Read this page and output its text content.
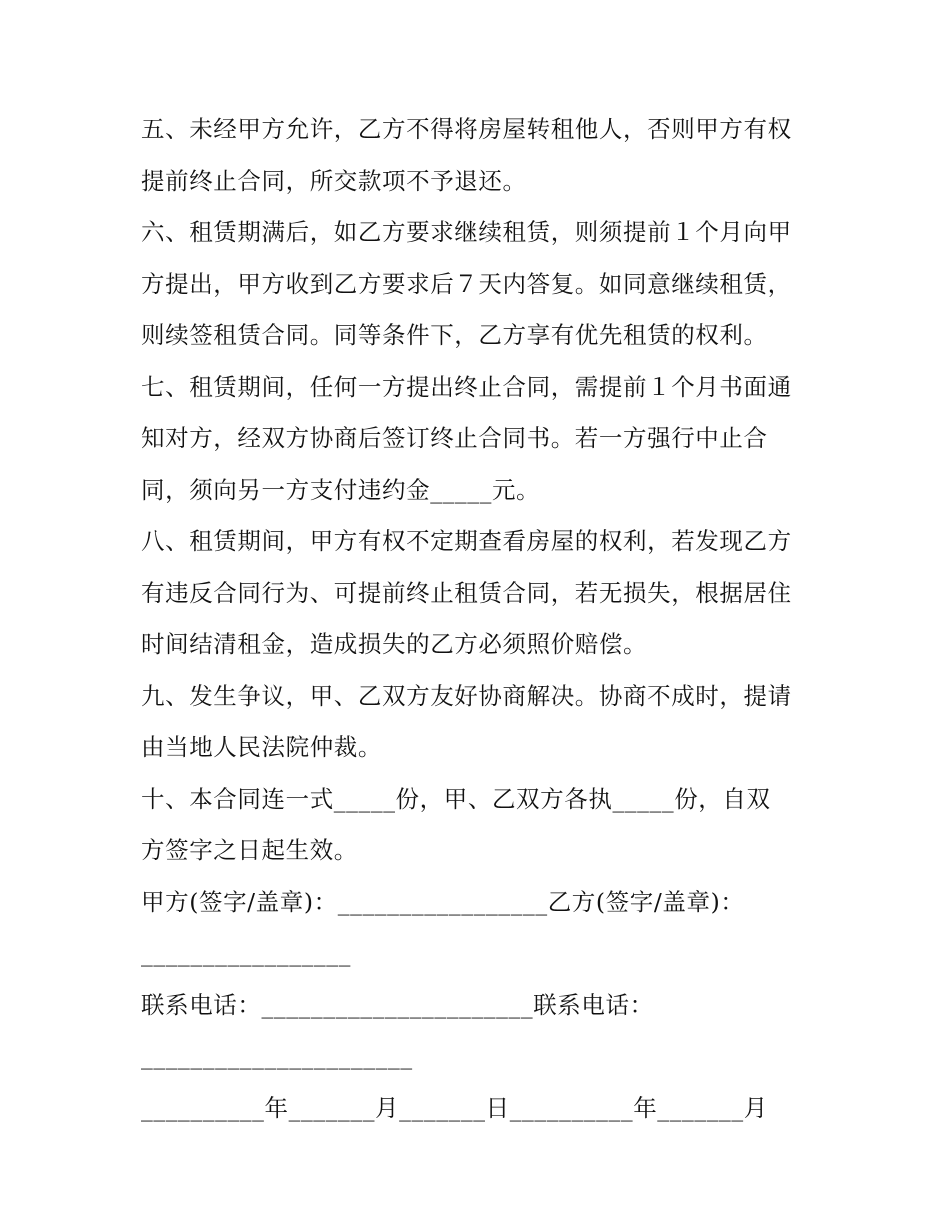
五、未经甲方允许，乙方不得将房屋转租他人，否则甲方有权
提前终止合同，所交款项不予退还。
六、租赁期满后，如乙方要求继续租赁，则须提前１个月向甲
方提出，甲方收到乙方要求后７天内答复。如同意继续租赁，
则续签租赁合同。同等条件下，乙方享有优先租赁的权利。
七、租赁期间，任何一方提出终止合同，需提前１个月书面通
知对方，经双方协商后签订终止合同书。若一方强行中止合
同，须向另一方支付违约金_____元。
八、租赁期间，甲方有权不定期查看房屋的权利，若发现乙方
有违反合同行为、可提前终止租赁合同，若无损失，根据居住
时间结清租金，造成损失的乙方必须照价赔偿。
九、发生争议，甲、乙双方友好协商解决。协商不成时，提请
由当地人民法院仲裁。
十、本合同连一式_____份，甲、乙双方各执_____份，自双
方签字之日起生效。
甲方(签字/盖章)：_________________乙方(签字/盖章)：
_________________
联系电话：______________________联系电话：
______________________
__________年_______月_______日__________年_______月
